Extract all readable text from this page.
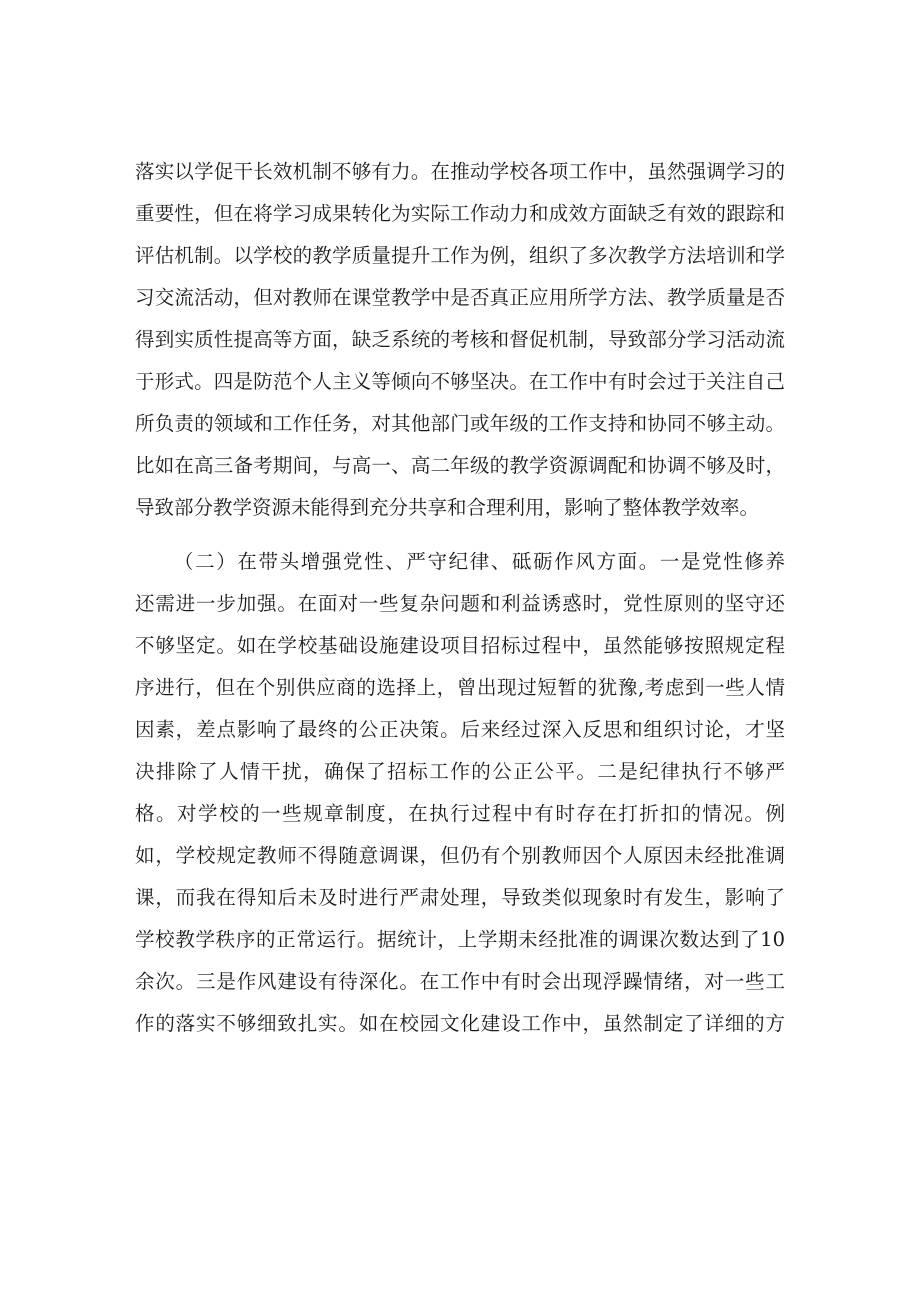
落实以学促干长效机制不够有力。在推动学校各项工作中，虽然强调学习的
重要性，但在将学习成果转化为实际工作动力和成效方面缺乏有效的跟踪和
评估机制。以学校的教学质量提升工作为例，组织了多次教学方法培训和学
习交流活动，但对教师在课堂教学中是否真正应用所学方法、教学质量是否
得到实质性提高等方面，缺乏系统的考核和督促机制，导致部分学习活动流
于形式。四是防范个人主义等倾向不够坚决。在工作中有时会过于关注自己
所负责的领域和工作任务，对其他部门或年级的工作支持和协同不够主动。
比如在高三备考期间，与高一、高二年级的教学资源调配和协调不够及时，
导致部分教学资源未能得到充分共享和合理利用，影响了整体教学效率。
（二）在带头增强党性、严守纪律、砥砺作风方面。一是党性修养
还需进一步加强。在面对一些复杂问题和利益诱惑时，党性原则的坚守还
不够坚定。如在学校基础设施建设项目招标过程中，虽然能够按照规定程
序进行，但在个别供应商的选择上，曾出现过短暂的犹豫,考虑到一些人情
因素，差点影响了最终的公正决策。后来经过深入反思和组织讨论，才坚
决排除了人情干扰，确保了招标工作的公正公平。二是纪律执行不够严
格。对学校的一些规章制度，在执行过程中有时存在打折扣的情况。例
如，学校规定教师不得随意调课，但仍有个别教师因个人原因未经批准调
课，而我在得知后未及时进行严肃处理，导致类似现象时有发生，影响了
学校教学秩序的正常运行。据统计，上学期未经批准的调课次数达到了10
余次。三是作风建设有待深化。在工作中有时会出现浮躁情绪，对一些工
作的落实不够细致扎实。如在校园文化建设工作中，虽然制定了详细的方
